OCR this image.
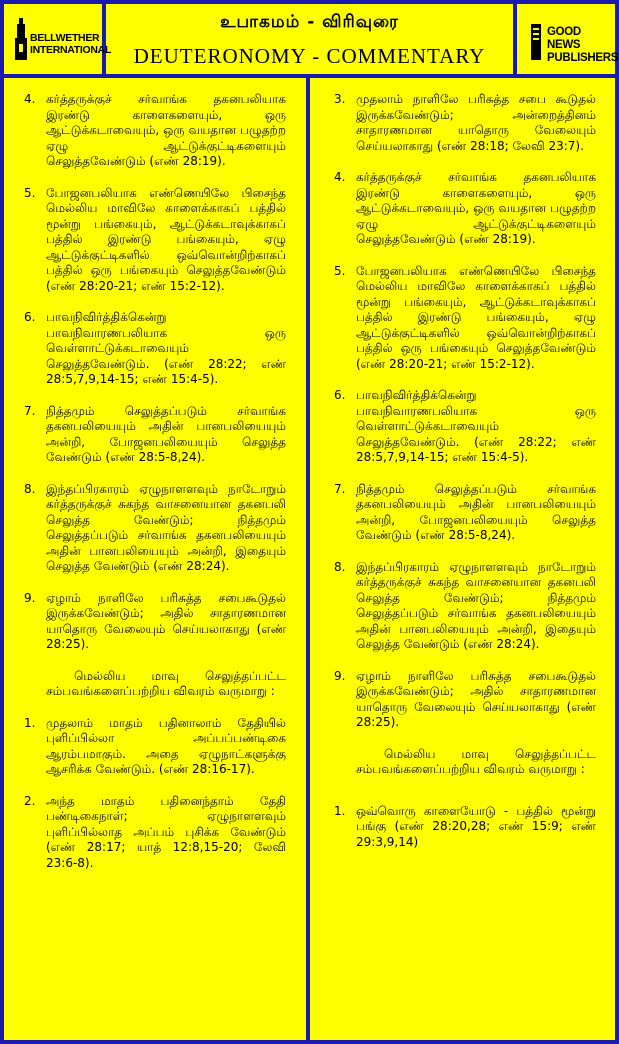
BELLWETHER INTERNATIONAL
உபாகமம் - விரிவுரை
DEUTERONOMY - COMMENTARY
GOOD NEWS PUBLISHERS
4. கர்த்தருக்குச் சர்வாங்க தகனபலியாக இரண்டு காளைகளையும், ஒரு ஆட்டுக்கடாவையும், ஒரு வயதான பழுதற்ற ஏழு ஆட்டுக்குட்டிகளையும் செலுத்தவேண்டும் (எண் 28:19).
5. போஜனபலியாக எண்ணெயிலே பிசைந்த மெல்லிய மாவிலே காளைக்காகப் பத்தில் மூன்று பங்கையும், ஆட்டுக்கடாவுக்காகப் பத்தில் இரண்டு பங்கையும், ஏழு ஆட்டுக்குட்டிகளில் ஒவ்வொன்றிற்காகப் பத்தில் ஒரு பங்கையும் செலுத்தவேண்டும் (எண் 28:20-21; எண் 15:2-12).
6. பாவநிவிர்த்திக்கென்று பாவநிவாரணபலியாக ஒரு வெள்ளாட்டுக்கடாவையும் செலுத்தவேண்டும். (எண் 28:22; எண் 28:5,7,9,14-15; எண் 15:4-5).
7. நித்தமும் செலுத்தப்படும் சர்வாங்க தகனபலியையும் அதின் பானபலியையும் அன்றி, போஜனபலியையும் செலுத்த வேண்டும் (எண் 28:5-8,24).
8. இந்தப்பிரகாரம் ஏழுநாளளவும் நாடோறும் கர்த்தருக்குச் சுகந்த வாசனையான தகனபலி செலுத்த வேண்டும்; நித்தமும் செலுத்தப்படும் சர்வாங்க தகனபலியையும் அதின் பானபலியையும் அன்றி, இதையும் செலுத்த வேண்டும் (எண் 28:24).
9. ஏழாம் நாளிலே பரிசுத்த சபைகூடுதல் இருக்கவேண்டும்; அதில் சாதாரணமான யாதொரு வேலையும் செய்யலாகாது (எண் 28:25).
மெல்லிய மாவு செலுத்தப்பட்ட சம்பவங்களைப்பற்றிய விவரம் வருமாறு :
1. முதலாம் மாதம் பதினாலாம் தேதியில் புளிப்பில்லா அப்பப்பண்டிகை ஆரம்பமாகும். அதை ஏழுநாட்களுக்கு ஆசரிக்க வேண்டும். (எண் 28:16-17).
2. அந்த மாதம் பதினைந்தாம் தேதி பண்டிகைநாள்; ஏழுநாளளவும் புளிப்பில்லாத அப்பம் புசிக்க வேண்டும் (எண் 28:17; யாத் 12:8,15-20; லேவி 23:6-8).
3. முதலாம் நாளிலே பரிசுத்த சபை கூடுதல் இருக்கவேண்டும்; அன்றைத்தினம் சாதாரணமான யாதொரு வேலையும் செய்யலாகாது (எண் 28:18; லேவி 23:7).
4. கர்த்தருக்குச் சர்வாங்க தகனபலியாக இரண்டு காளைகளையும், ஒரு ஆட்டுக்கடாவையும், ஒரு வயதான பழுதற்ற ஏழு ஆட்டுக்குட்டிகளையும் செலுத்தவேண்டும் (எண் 28:19).
5. போஜனபலியாக எண்ணெயிலே பிசைந்த மெல்லிய மாவிலே காளைக்காகப் பத்தில் மூன்று பங்கையும், ஆட்டுக்கடாவுக்காகப் பத்தில் இரண்டு பங்கையும், ஏழு ஆட்டுக்குட்டிகளில் ஒவ்வொன்றிற்காகப் பத்தில் ஒரு பங்கையும் செலுத்தவேண்டும் (எண் 28:20-21; எண் 15:2-12).
6. பாவநிவிர்த்திக்கென்று பாவநிவாரணபலியாக ஒரு வெள்ளாட்டுக்கடாவையும் செலுத்தவேண்டும். (எண் 28:22; எண் 28:5,7,9,14-15; எண் 15:4-5).
7. நித்தமும் செலுத்தப்படும் சர்வாங்க தகனபலியையும் அதின் பானபலியையும் அன்றி, போஜனபலியையும் செலுத்த வேண்டும் (எண் 28:5-8,24).
8. இந்தப்பிரகாரம் ஏழுநாளளவும் நாடோறும் கர்த்தருக்குச் சுகந்த வாசனையான தகனபலி செலுத்த வேண்டும்; நித்தமும் செலுத்தப்படும் சர்வாங்க தகனபலியையும் அதின் பானபலியையும் அன்றி, இதையும் செலுத்த வேண்டும் (எண் 28:24).
9. ஏழாம் நாளிலே பரிசுத்த சபைகூடுதல் இருக்கவேண்டும்; அதில் சாதாரணமான யாதொரு வேலையும் செய்யலாகாது (எண் 28:25).
மெல்லிய மாவு செலுத்தப்பட்ட சம்பவங்களைப்பற்றிய விவரம் வருமாறு :
1. ஒவ்வொரு காளையோடு - பத்தில் மூன்று பங்கு (எண் 28:20,28; எண் 15:9; எண் 29:3,9,14)
